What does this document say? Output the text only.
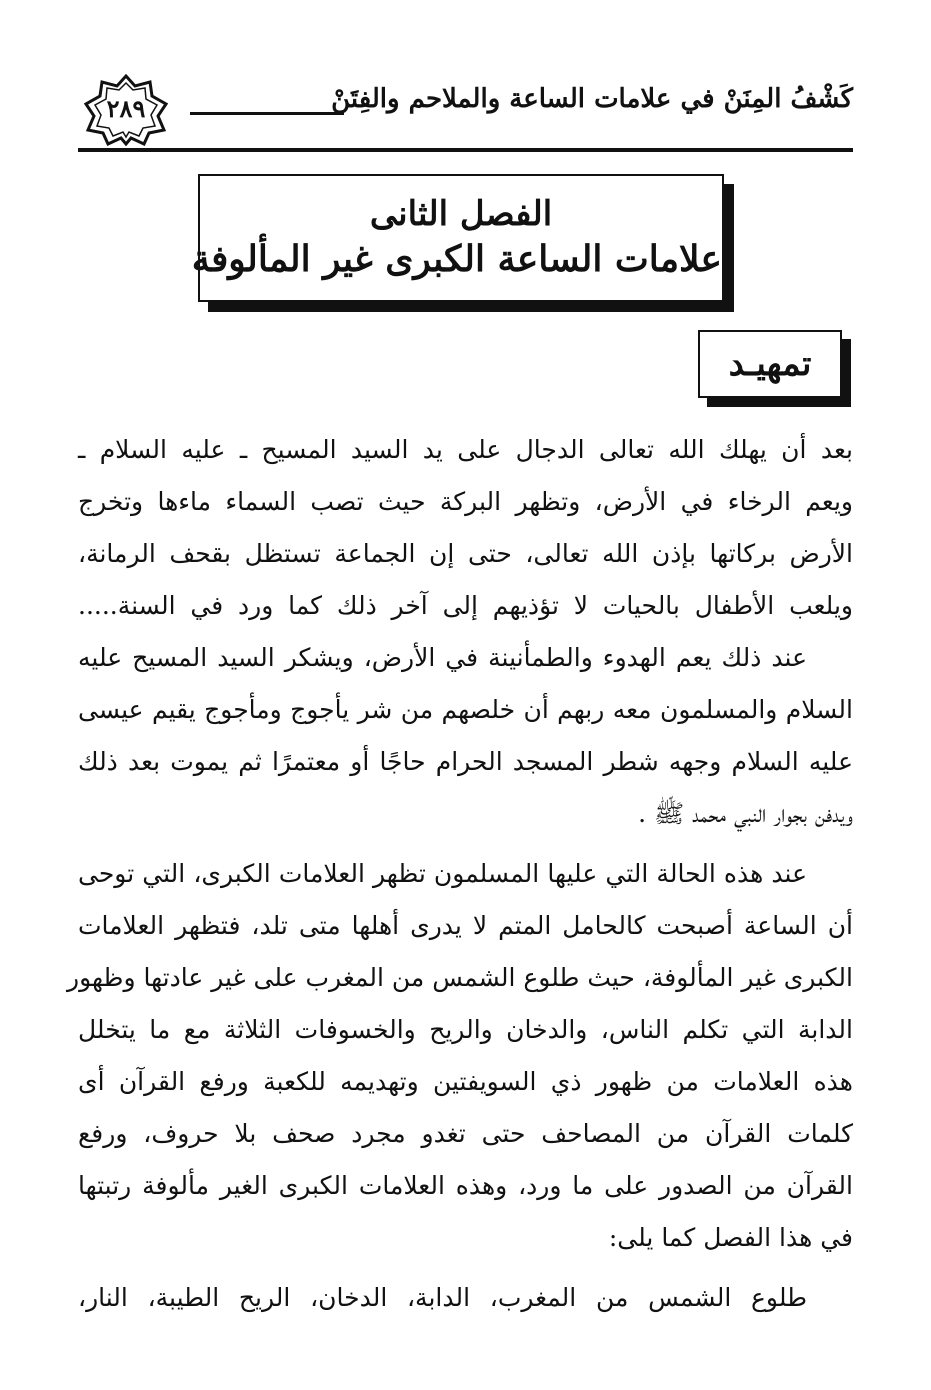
كَشْفُ المِنَنْ في علامات الساعة والملاحم والفِتَنْ
٢٨٩
الفصل الثانى
علامات الساعة الكبرى غير المألوفة
تمهيـد
بعد أن يهلك الله تعالى الدجال على يد السيد المسيح ـ عليه السلام ـ
ويعم الرخاء في الأرض، وتظهر البركة حيث تصب السماء ماءها وتخرج
الأرض بركاتها بإذن الله تعالى، حتى إن الجماعة تستظل بقحف الرمانة،
ويلعب الأطفال بالحيات لا تؤذيهم إلى آخر ذلك كما ورد في السنة.....
عند ذلك يعم الهدوء والطمأنينة في الأرض، ويشكر السيد المسيح عليه
السلام والمسلمون معه ربهم أن خلصهم من شر يأجوج ومأجوج يقيم عيسى
عليه السلام وجهه شطر المسجد الحرام حاجًا أو معتمرًا ثم يموت بعد ذلك
ويدفن بجوار النبي محمد ﷺ .
عند هذه الحالة التي عليها المسلمون تظهر العلامات الكبرى، التي توحى
أن الساعة أصبحت كالحامل المتم لا يدرى أهلها متى تلد، فتظهر العلامات
الكبرى غير المألوفة، حيث طلوع الشمس من المغرب على غير عادتها وظهور
الدابة التي تكلم الناس، والدخان والريح والخسوفات الثلاثة مع ما يتخلل
هذه العلامات من ظهور ذي السويفتين وتهديمه للكعبة ورفع القرآن أى
كلمات القرآن من المصاحف حتى تغدو مجرد صحف بلا حروف، ورفع
القرآن من الصدور على ما ورد، وهذه العلامات الكبرى الغير مألوفة رتبتها
في هذا الفصل كما يلى:
طلوع الشمس من المغرب، الدابة، الدخان، الريح الطيبة، النار،
